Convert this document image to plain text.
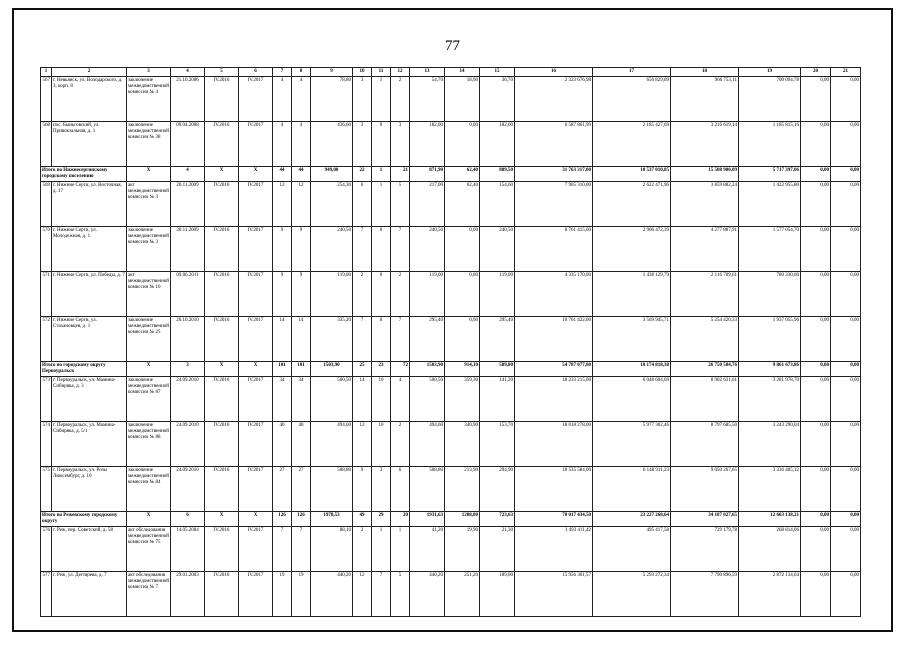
77
1	2	3	4	5	6	7	8	9	10	11	12	13	14	15	16	17	18	19	20	21
567	г. Невьянск, ул. Володарского, д. 3, корп. 8	заключение межведомственной комиссии № 4	21.10.2006	IV.2016	IV.2017	4	4	78,80	3	1	2	54,70	18,00	36,70	2 323 676,98	656 829,09	966 753,11	700 094,78	0,00	0,00
568	пос. Быньговский, ул. Привокзальная, д. 1	заключение межведомственной комиссии № 38	09.04.2008	IV.2016	IV.2017	4	4	436,60	3	0	3	182,00	0,00	182,00	6 587 861,99	2 185 427,69	3 216 619,14	1 185 815,16	0,00	0,00
Итого по Нижнесергинскому городскому поселению		X	4	X	X	44	44	949,00	22	1	21	871,90	62,40	809,50	31 763 317,00	10 537 010,85	15 508 900,09	5 717 397,06	0,00	0,00
569	г. Нижние Серги, ул. Восточная, д. 17	акт межведомственной комиссии № 3	20.11.2009	IV.2016	IV.2017	12	12	254,30	6	1	5	217,00	62,40	154,60	7 905 310,00	2 622 471,96	3 859 882,24	1 422 955,80	0,00	0,00
570	г. Нижние Серги, ул. Молодежная, д. 1	заключение межведомственной комиссии № 3	20.11.2009	IV.2016	IV.2017	9	9	240,50	7	0	7	240,50	0,00	240,50	8 761 415,00	2 906 472,39	4 277 887,91	1 577 054,70	0,00	0,00
571	г. Нижние Серги, ул. Победы, д. 7	акт межведомственной комиссии № 10	09.06.2011	IV.2016	IV.2017	9	9	119,00	2	0	2	119,00	0,00	119,00	4 335 170,00	1 438 129,79	2 116 709,61	780 330,60	0,00	0,00
572	г. Нижние Серги, ул. Стахановцев, д. 1	заключение межведомственной комиссии № 25	26.10.2010	IV.2016	IV.2017	14	14	335,20	7	0	7	295,40	0,00	295,40	10 761 422,00	3 569 945,71	5 254 420,33	1 937 055,96	0,00	0,00
Итого по городскому округу Первоуральск		X	3	X	X	101	101	1503,90	25	23	72	1503,90	914,10	589,80	54 787 077,00	18 174 818,38	26 750 584,76	9 861 673,86	0,00	0,00
573	г. Первоуральск, ул. Мамина-Сибиряка, д. 3	заключение межведомственной комиссии № 87	24.09.2010	IV.2016	IV.2017	34	34	500,50	14	10	4	500,50	359,30	141,20	18 233 215,00	6 048 604,69	8 902 631,61	3 281 978,70	0,00	0,00
574	г. Первоуральск, ул. Мамина-Сибиряка, д. 5/1	заключение межведомственной комиссии № 88	24.09.2010	IV.2016	IV.2017	40	40	494,60	12	10	2	494,60	340,90	153,70	18 018 278,00	5 977 302,46	8 797 685,50	3 243 290,04	0,00	0,00
575	г. Первоуральск, ул. Розы Люксембург, д. 10	заключение межведомственной комиссии № 84	24.09.2010	IV.2016	IV.2017	27	27	508,80	9	3	6	508,80	213,90	294,90	18 535 584,00	6 148 911,23	9 050 267,65	3 336 405,12	0,00	0,00
Итого по Режевскому городскому округу		X	6	X	X	126	126	1978,53	49	29	20	1931,63	1208,00	723,63	70 017 434,50	23 227 268,64	34 187 027,65	12 603 138,21	0,00	0,00
576	г. Реж, пер. Советский, д. 58	акт обследования межведомственной комиссии № 75	14.05.2004	IV.2016	IV.2017	7	7	88,10	2	1	1	41,20	19,90	21,30	1 493 411,42	495 417,58	729 179,78	268 814,06	0,00	0,00
577	г. Реж, ул. Дегтярева, д. 7	акт обследования межведомственной комиссии № 7	29.01.2003	IV.2016	IV.2017	19	19	440,20	12	7	5	440,20	251,20	189,00	15 956 301,57	5 293 272,34	7 790 896,59	2 872 134,64	0,00	0,00
